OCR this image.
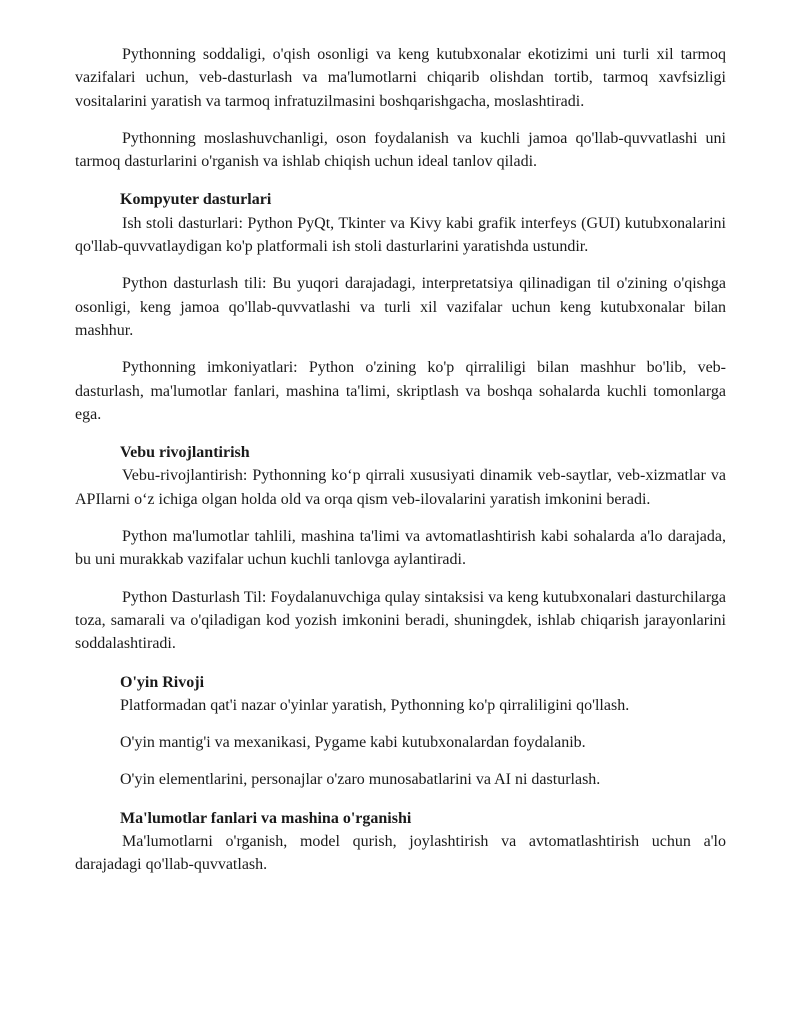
Pythonning soddaligi, o'qish osonligi va keng kutubxonalar ekotizimi uni turli xil tarmoq vazifalari uchun, veb-dasturlash va ma'lumotlarni chiqarib olishdan tortib, tarmoq xavfsizligi vositalarini yaratish va tarmoq infratuzilmasini boshqarishgacha, moslashtiradi.

Pythonning moslashuvchanligi, oson foydalanish va kuchli jamoa qo'llab-quvvatlashi uni tarmoq dasturlarini o'rganish va ishlab chiqish uchun ideal tanlov qiladi.

Kompyuter dasturlari

Ish stoli dasturlari: Python PyQt, Tkinter va Kivy kabi grafik interfeys (GUI) kutubxonalarini qo'llab-quvvatlaydigan ko'p platformali ish stoli dasturlarini yaratishda ustundir.

Python dasturlash tili: Bu yuqori darajadagi, interpretatsiya qilinadigan til o'zining o'qishga osonligi, keng jamoa qo'llab-quvvatlashi va turli xil vazifalar uchun keng kutubxonalar bilan mashhur.

Pythonning imkoniyatlari: Python o'zining ko'p qirraliligi bilan mashhur bo'lib, veb-dasturlash, ma'lumotlar fanlari, mashina ta'limi, skriptlash va boshqa sohalarda kuchli tomonlarga ega.

Vebu rivojlantirish

Vebu-rivojlantirish: Pythonning ko‘p qirrali xususiyati dinamik veb-saytlar, veb-xizmatlar va APIlarni o‘z ichiga olgan holda old va orqa qism veb-ilovalarini yaratish imkonini beradi.

Python ma'lumotlar tahlili, mashina ta'limi va avtomatlashtirish kabi sohalarda a'lo darajada, bu uni murakkab vazifalar uchun kuchli tanlovga aylantiradi.

Python Dasturlash Til: Foydalanuvchiga qulay sintaksisi va keng kutubxonalari dasturchilarga toza, samarali va o'qiladigan kod yozish imkonini beradi, shuningdek, ishlab chiqarish jarayonlarini soddalashtiradi.

O'yin Rivoji

Platformadan qat'i nazar o'yinlar yaratish, Pythonning ko'p qirraliligini qo'llash.

O'yin mantig'i va mexanikasi, Pygame kabi kutubxonalardan foydalanib.

O'yin elementlarini, personajlar o'zaro munosabatlarini va AI ni dasturlash.

Ma'lumotlar fanlari va mashina o'rganishi

Ma'lumotlarni o'rganish, model qurish, joylashtirish va avtomatlashtirish uchun a'lo darajadagi qo'llab-quvvatlash.
